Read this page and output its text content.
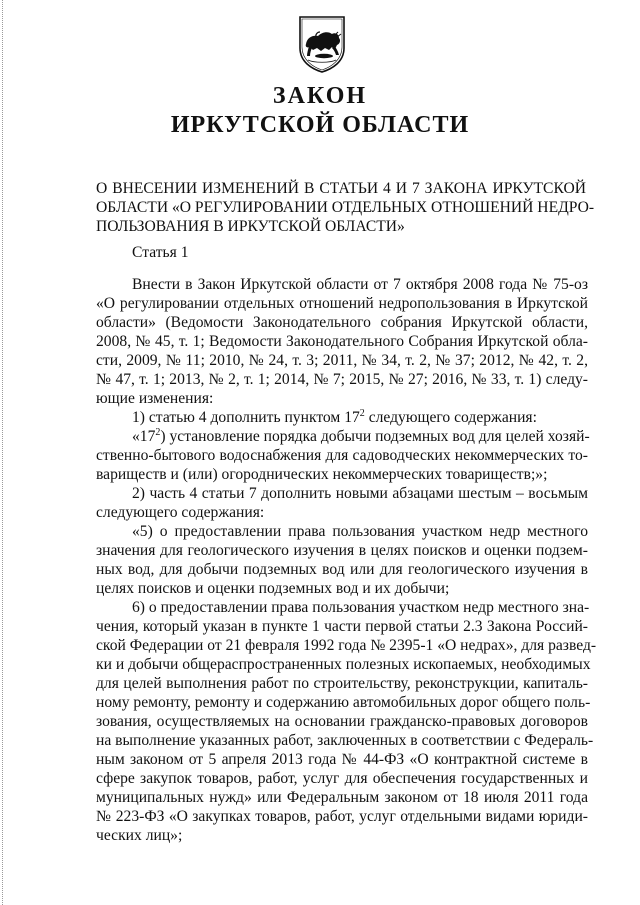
ЗАКОН
ИРКУТСКОЙ ОБЛАСТИ
О ВНЕСЕНИИ ИЗМЕНЕНИЙ В СТАТЬИ 4 И 7 ЗАКОНА ИРКУТСКОЙ
ОБЛАСТИ «О РЕГУЛИРОВАНИИ ОТДЕЛЬНЫХ ОТНОШЕНИЙ НЕДРО-
ПОЛЬЗОВАНИЯ В ИРКУТСКОЙ ОБЛАСТИ»
Статья 1
Внести в Закон Иркутской области от 7 октября 2008 года № 75-оз
«О регулировании отдельных отношений недропользования в Иркутской
области» (Ведомости Законодательного собрания Иркутской области,
2008, № 45, т. 1; Ведомости Законодательного Собрания Иркутской обла-
сти, 2009, № 11; 2010, № 24, т. 3; 2011, № 34, т. 2, № 37; 2012, № 42, т. 2,
№ 47, т. 1; 2013, № 2, т. 1; 2014, № 7; 2015, № 27; 2016, № 33, т. 1) следу-
ющие изменения:
1) статью 4 дополнить пунктом $17^2$ следующего содержания:
«$17^2$) установление порядка добычи подземных вод для целей хозяй-
ственно-бытового водоснабжения для садоводческих некоммерческих то-
вариществ и (или) огороднических некоммерческих товариществ;»;
2) часть 4 статьи 7 дополнить новыми абзацами шестым – восьмым
следующего содержания:
«5) о предоставлении права пользования участком недр местного
значения для геологического изучения в целях поисков и оценки подзем-
ных вод, для добычи подземных вод или для геологического изучения в
целях поисков и оценки подземных вод и их добычи;
6) о предоставлении права пользования участком недр местного зна-
чения, который указан в пункте 1 части первой статьи 2.3 Закона Россий-
ской Федерации от 21 февраля 1992 года № 2395-1 «О недрах», для развед-
ки и добычи общераспространенных полезных ископаемых, необходимых
для целей выполнения работ по строительству, реконструкции, капиталь-
ному ремонту, ремонту и содержанию автомобильных дорог общего поль-
зования, осуществляемых на основании гражданско-правовых договоров
на выполнение указанных работ, заключенных в соответствии с Федераль-
ным законом от 5 апреля 2013 года № 44-ФЗ «О контрактной системе в
сфере закупок товаров, работ, услуг для обеспечения государственных и
муниципальных нужд» или Федеральным законом от 18 июля 2011 года
№ 223-ФЗ «О закупках товаров, работ, услуг отдельными видами юриди-
ческих лиц»;
